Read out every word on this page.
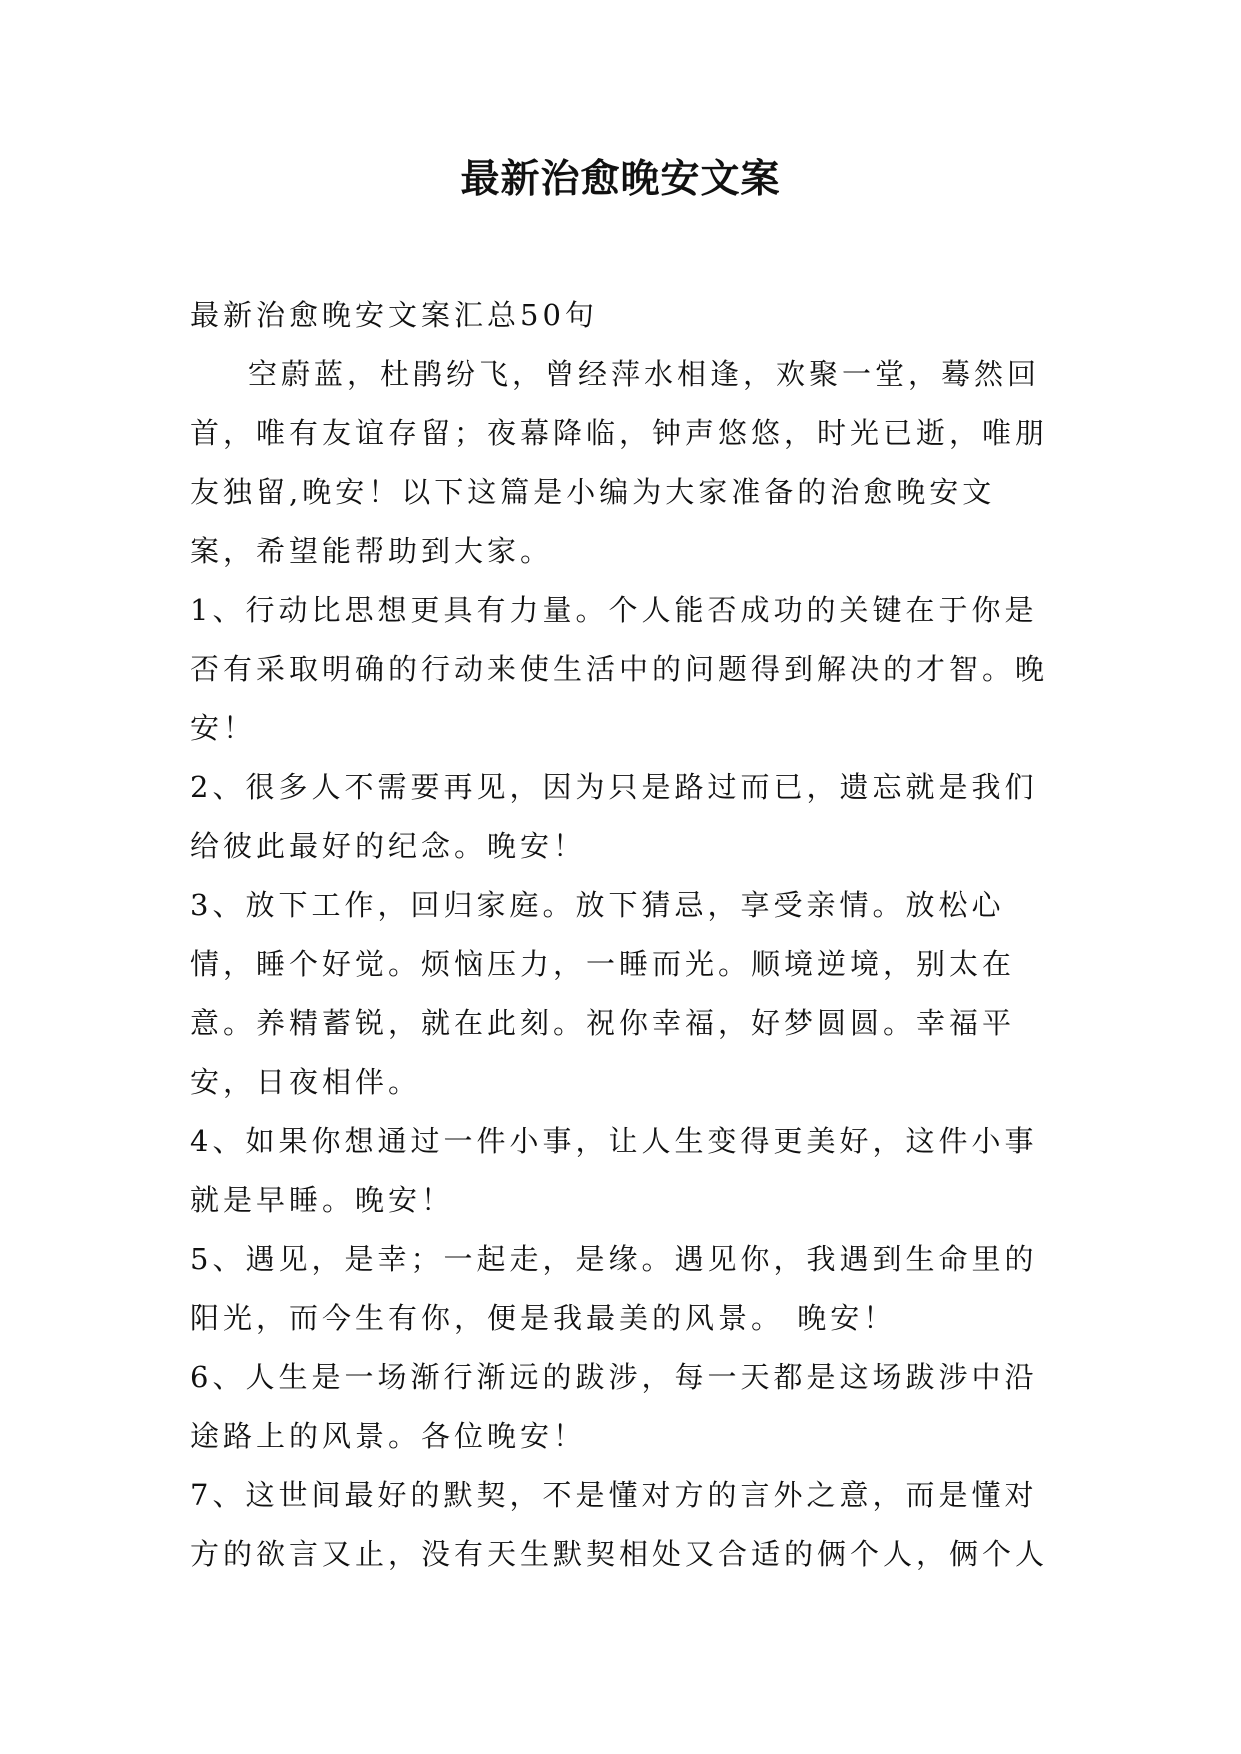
最新治愈晚安文案

最新治愈晚安文案汇总50句

空蔚蓝，杜鹃纷飞，曾经萍水相逢，欢聚一堂，蓦然回首，唯有友谊存留；夜幕降临，钟声悠悠，时光已逝，唯朋友独留,晚安！以下这篇是小编为大家准备的治愈晚安文案，希望能帮助到大家。

1、行动比思想更具有力量。个人能否成功的关键在于你是否有采取明确的行动来使生活中的问题得到解决的才智。晚安！

2、很多人不需要再见，因为只是路过而已，遗忘就是我们给彼此最好的纪念。晚安！

3、放下工作，回归家庭。放下猜忌，享受亲情。放松心情，睡个好觉。烦恼压力，一睡而光。顺境逆境，别太在意。养精蓄锐，就在此刻。祝你幸福，好梦圆圆。幸福平安，日夜相伴。

4、如果你想通过一件小事，让人生变得更美好，这件小事就是早睡。晚安！

5、遇见，是幸；一起走，是缘。遇见你，我遇到生命里的阳光，而今生有你，便是我最美的风景。 晚安！

6、人生是一场渐行渐远的跋涉，每一天都是这场跋涉中沿途路上的风景。各位晚安！

7、这世间最好的默契，不是懂对方的言外之意，而是懂对方的欲言又止，没有天生默契相处又合适的俩个人，俩个人
